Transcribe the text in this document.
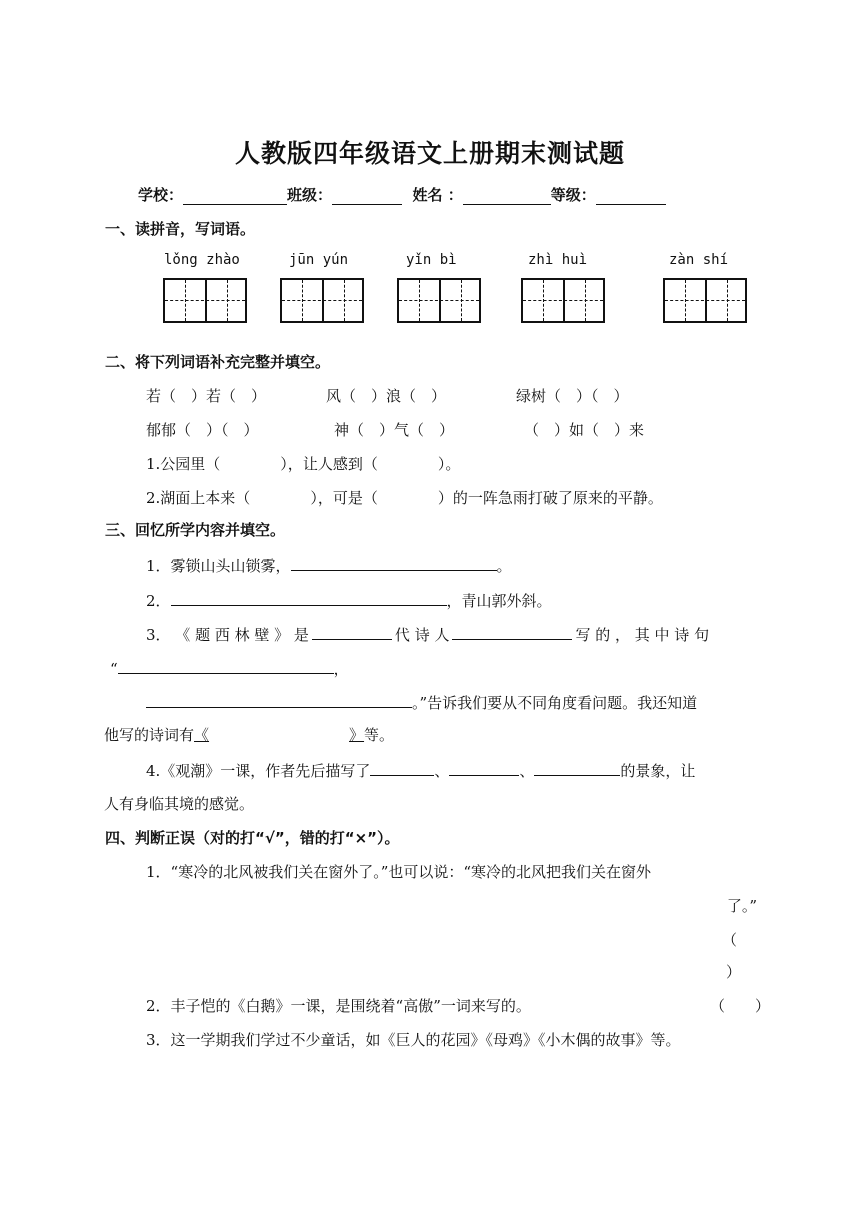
人教版四年级语文上册期末测试题
学校：	班级：	姓名 ：	等级：
一、读拼音，写词语。
lǒng zhào	jūn yún	yǐn bì	zhì huì	zàn shí
二、将下列词语补充完整并填空。
若（　）若（　）	风（　）浪（　）	绿树（　）（　）
郁郁（　）（　）	神（　）气（　）	（　）如（　）来
1.公园里（　　　　），让人感到（　　　　）。
2.湖面上本来（　　　　），可是（　　　　）的一阵急雨打破了原来的平静。
三、回忆所学内容并填空。
1．雾锁山头山锁雾，	。
2．	，青山郭外斜。
3． 《 题 西 林 壁 》 是	代 诗 人	写 的 ， 其 中 诗 句
“	，
。”告诉我们要从不同角度看问题。我还知道
他写的诗词有《	》等。
4.《观潮》一课，作者先后描写了	、	、	的景象，让
人有身临其境的感觉。
四、判断正误（对的打“√”，错的打“×”）。
1．“寒冷的北风被我们关在窗外了。”也可以说：“寒冷的北风把我们关在窗外
了。”
（
）
2．丰子恺的《白鹅》一课，是围绕着“高傲”一词来写的。	（　　）
3．这一学期我们学过不少童话，如《巨人的花园》《母鸡》《小木偶的故事》等。
